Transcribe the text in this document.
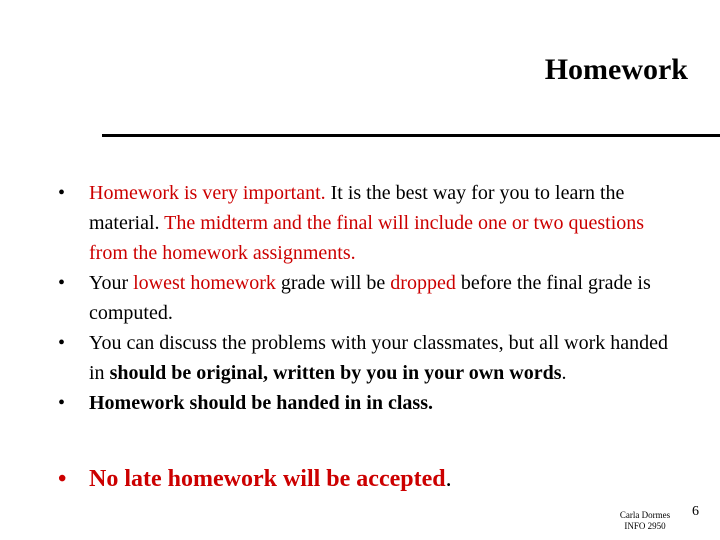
Homework
• Homework is very important. It is the best way for you to learn the material. The midterm and the final will include one or two questions from the homework assignments.
• Your lowest homework grade will be dropped before the final grade is computed.
• You can discuss the problems with your classmates, but all work handed in should be original, written by you in your own words.
• Homework should be handed in in class.
• No late homework will be accepted.
Carla Dormes
INFO 2950
6
